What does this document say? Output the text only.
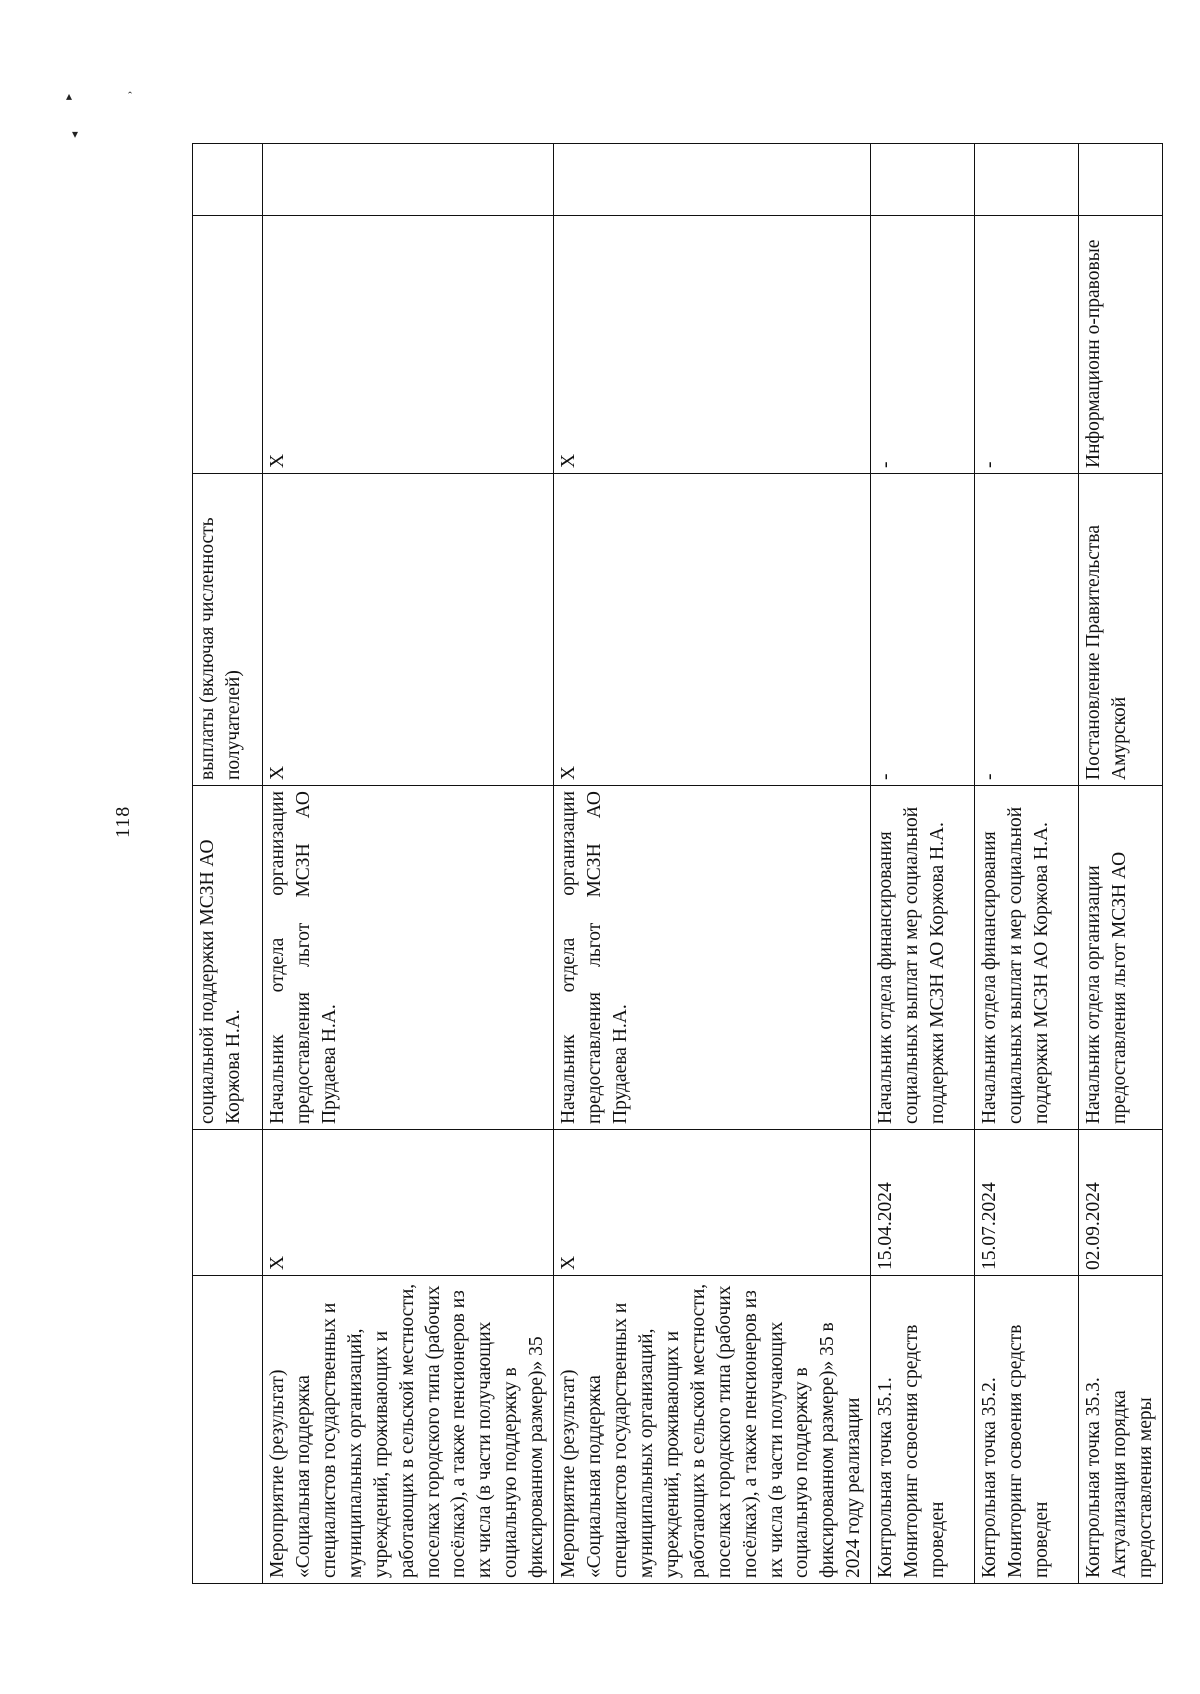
▴	ˆ
▾
118
		социальной поддержки МСЗН АО Коржова Н.А.	выплаты (включая численность получателей)		
Мероприятие (результат) «Социальная поддержка специалистов государственных и муниципальных организаций, учреждений, проживающих и работающих в сельской местности, поселках городского типа (рабочих посёлках), а также пенсионеров из их числа (в части получающих социальную поддержку в фиксированном размере)» 35	Х	Начальник отдела организации предоставления льгот МСЗН АО Прудаева Н.А.	Х	Х	
Мероприятие (результат) «Социальная поддержка специалистов государственных и муниципальных организаций, учреждений, проживающих и работающих в сельской местности, поселках городского типа (рабочих посёлках), а также пенсионеров из их числа (в части получающих социальную поддержку в фиксированном размере)» 35 в 2024 году реализации	Х	Начальник отдела организации предоставления льгот МСЗН АО Прудаева Н.А.	Х	Х	
Контрольная точка 35.1. Мониторинг освоения средств проведен	15.04.2024	Начальник отдела финансирования социальных выплат и мер социальной поддержки МСЗН АО Коржова Н.А.	-	-	
Контрольная точка 35.2. Мониторинг освоения средств проведен	15.07.2024	Начальник отдела финансирования социальных выплат и мер социальной поддержки МСЗН АО Коржова Н.А.	-	-	
Контрольная точка 35.3. Актуализация порядка предоставления меры	02.09.2024	Начальник отдела организации предоставления льгот МСЗН АО	Постановление Правительства Амурской	Информационн о-правовые	
